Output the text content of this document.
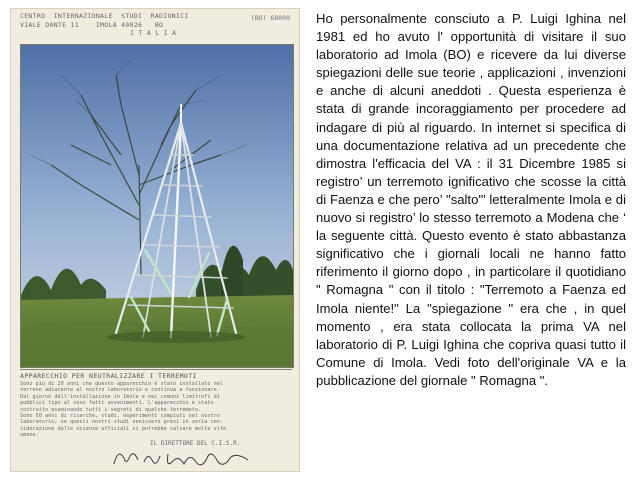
CENTRO  INTERNAZIONALE  STUDI  RADIONICI
VIALE DANTE 11    IMOLA 40026   BO
I T A L I A
(BO) 68000
APPARECCHIO PER NEUTRALIZZARE I TERREMOTI
Sono più di 20 anni che questo apparecchio è stato installato nel
terreno adiacente al nostro laboratorio e continua a funzionare.
Dal giorno dell'installazione in Imola e nei comuni limitrofi di
pubblici tipo al sono fatti avvenimenti. L'apparecchio è stato
costruito esaminando tutti i segreti di qualche terremoto.
Sono 50 anni di ricerche, studi, esperimenti compiuti nel nostro
laboratorio, se questi nostri studi venissero presi in seria con-
siderazione dalle scienze ufficiali si potrebbe salvare molte vite
umane.
IL DIRETTORE DEL C.I.S.R.

Ho personalmente consciuto a P. Luigi Ighina nel 1981 ed ho avuto l' opportunità di visitare il suo laboratorio ad Imola (BO) e ricevere da lui diverse spiegazioni delle sue teorie , applicazioni , invenzioni e anche di alcuni aneddoti . Questa esperienza è stata di grande incoraggiamento per procedere ad indagare di più al riguardo. In internet si specifica di una documentazione relativa ad un precedente che dimostra l'efficacia del VA : il 31 Dicembre 1985 si registro’ un terremoto ignificativo che scosse la città di Faenza e che pero’ "salto'" letteralmente Imola e di nuovo si registro’ lo stesso terremoto a Modena che ‘ la seguente città. Questo evento è stato abbastanza significativo che i giornali locali ne hanno fatto riferimento il giorno dopo , in particolare il quotidiano " Romagna " con il titolo : "Terremoto a Faenza ed Imola niente!" La "spiegazione " era che , in quel momento , era stata collocata la prima VA nel laboratorio di P. Luigi Ighina che copriva quasi tutto il Comune di Imola. Vedi foto dell'originale VA e la pubblicazione del giornale " Romagna ".
